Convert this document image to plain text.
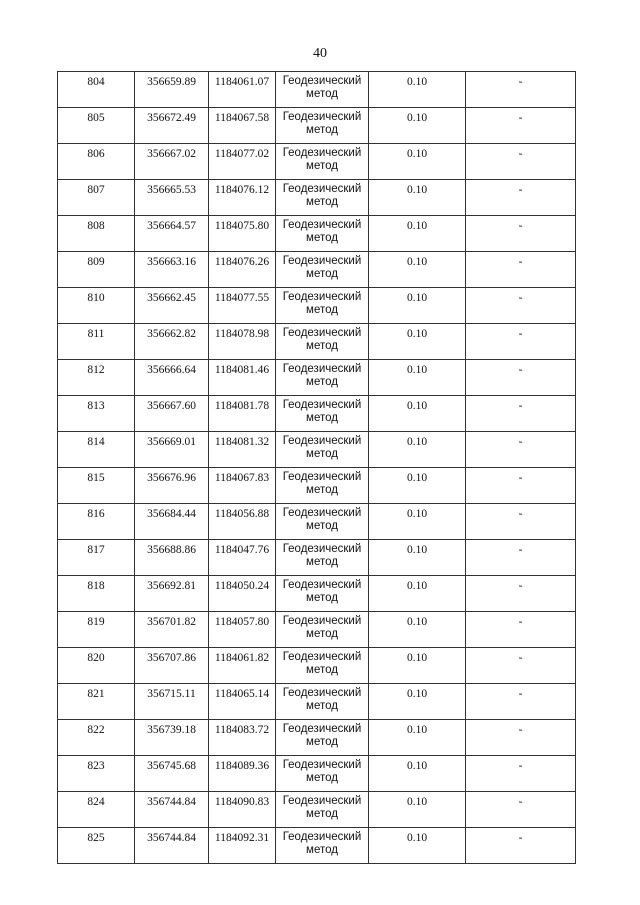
40
804	356659.89	1184061.07	Геодезический
метод	0.10	-

805	356672.49	1184067.58	Геодезический
метод	0.10	-

806	356667.02	1184077.02	Геодезический
метод	0.10	-

807	356665.53	1184076.12	Геодезический
метод	0.10	-

808	356664.57	1184075.80	Геодезический
метод	0.10	-

809	356663.16	1184076.26	Геодезический
метод	0.10	-

810	356662.45	1184077.55	Геодезический
метод	0.10	-

811	356662.82	1184078.98	Геодезический
метод	0.10	-

812	356666.64	1184081.46	Геодезический
метод	0.10	-

813	356667.60	1184081.78	Геодезический
метод	0.10	-

814	356669.01	1184081.32	Геодезический
метод	0.10	-

815	356676.96	1184067.83	Геодезический
метод	0.10	-

816	356684.44	1184056.88	Геодезический
метод	0.10	-

817	356688.86	1184047.76	Геодезический
метод	0.10	-

818	356692.81	1184050.24	Геодезический
метод	0.10	-

819	356701.82	1184057.80	Геодезический
метод	0.10	-

820	356707.86	1184061.82	Геодезический
метод	0.10	-

821	356715.11	1184065.14	Геодезический
метод	0.10	-

822	356739.18	1184083.72	Геодезический
метод	0.10	-

823	356745.68	1184089.36	Геодезический
метод	0.10	-

824	356744.84	1184090.83	Геодезический
метод	0.10	-

825	356744.84	1184092.31	Геодезический
метод	0.10	-
